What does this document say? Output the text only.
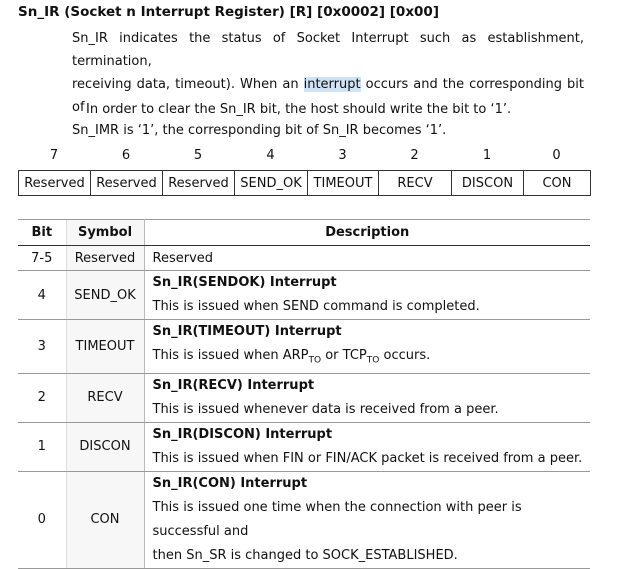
Sn_IR (Socket n Interrupt Register) [R] [0x0002] [0x00]
Sn_IR indicates the status of Socket Interrupt such as establishment, termination,
receiving data, timeout). When an interrupt occurs and the corresponding bit of
Sn_IMR is ‘1’, the corresponding bit of Sn_IR becomes ‘1’.
In order to clear the Sn_IR bit, the host should write the bit to ‘1’.
7	6	5	4	3	2	1	0
Reserved	Reserved	Reserved	SEND_OK	TIMEOUT	RECV	DISCON	CON
Bit	Symbol	Description
7-5	Reserved	Reserved
4	SEND_OK	Sn_IR(SENDOK) Interrupt
This is issued when SEND command is completed.

3	TIMEOUT	Sn_IR(TIMEOUT) Interrupt
This is issued when $ARP_{TO}$ or $TCP_{TO}$ occurs.

2	RECV	Sn_IR(RECV) Interrupt
This is issued whenever data is received from a peer.

1	DISCON	Sn_IR(DISCON) Interrupt
This is issued when FIN or FIN/ACK packet is received from a peer.

0	CON	Sn_IR(CON) Interrupt
This is issued one time when the connection with peer is successful and
then Sn_SR is changed to SOCK_ESTABLISHED.
